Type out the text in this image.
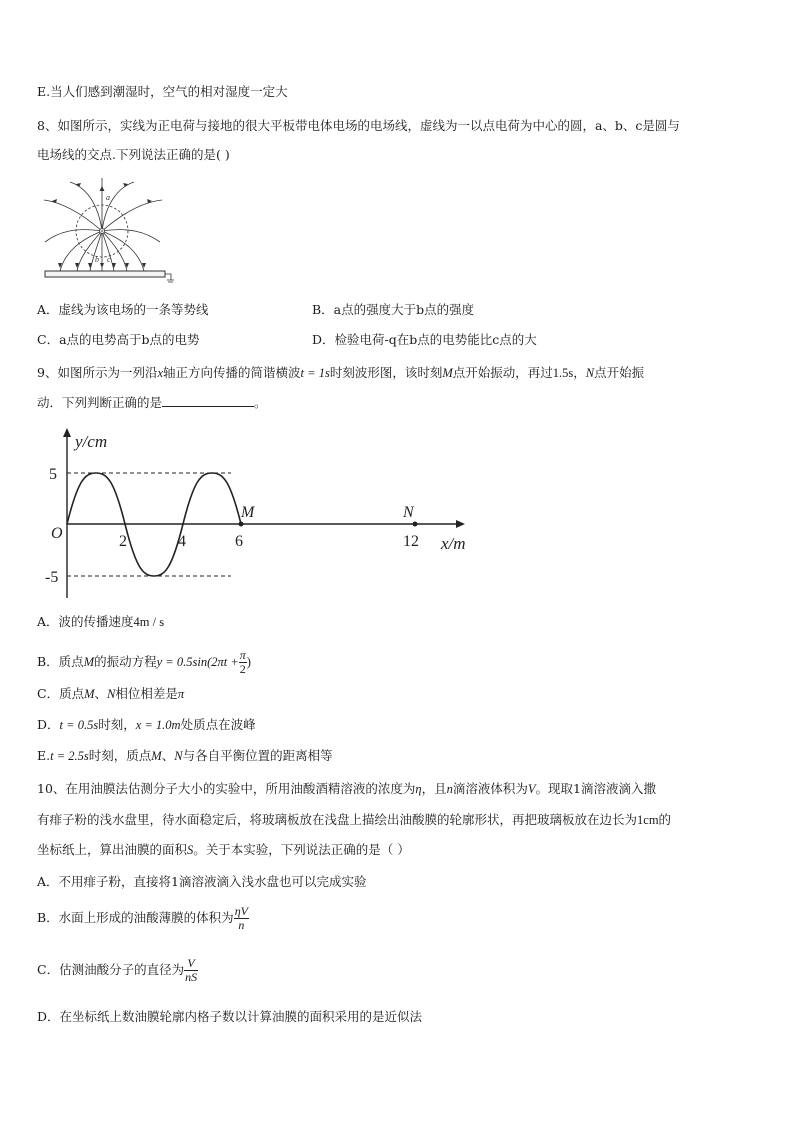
E.当人们感到潮湿时，空气的相对湿度一定大
8、如图所示，实线为正电荷与接地的很大平板带电体电场的电场线，虚线为一以点电荷为中心的圆，a、b、c是圆与
电场线的交点.下列说法正确的是( )
a
b c
A．虚线为该电场的一条等势线	B．a点的强度大于b点的强度
C．a点的电势高于b点的电势	D．检验电荷-q在b点的电势能比c点的大
9、如图所示为一列沿x轴正方向传播的简谐横波t = 1s时刻波形图，该时刻M点开始振动，再过1.5s，N点开始振
动．下列判断正确的是	。
y/cm
5
-5
O	2	4	6	12
M	N
x/m
A．波的传播速度4m / s
B．质点M的振动方程$y = 0.5\sin(2\pi t + \frac{\pi}{2}$ )
C．质点M、N相位相差是π
D．t = 0.5s时刻，x = 1.0m处质点在波峰
E.t = 2.5s时刻，质点M、N与各自平衡位置的距离相等
10、在用油膜法估测分子大小的实验中，所用油酸酒精溶液的浓度为η，且n滴溶液体积为V。现取1滴溶液滴入撒
有痱子粉的浅水盘里，待水面稳定后，将玻璃板放在浅盘上描绘出油酸膜的轮廓形状，再把玻璃板放在边长为1cm的
坐标纸上，算出油膜的面积S。关于本实验，下列说法正确的是（ ）
A．不用痱子粉，直接将1滴溶液滴入浅水盘也可以完成实验
B．水面上形成的油酸薄膜的体积为 $\frac{\eta V}{n}$
C．估测油酸分子的直径为 $\frac{V}{nS}$
D．在坐标纸上数油膜轮廓内格子数以计算油膜的面积采用的是近似法
